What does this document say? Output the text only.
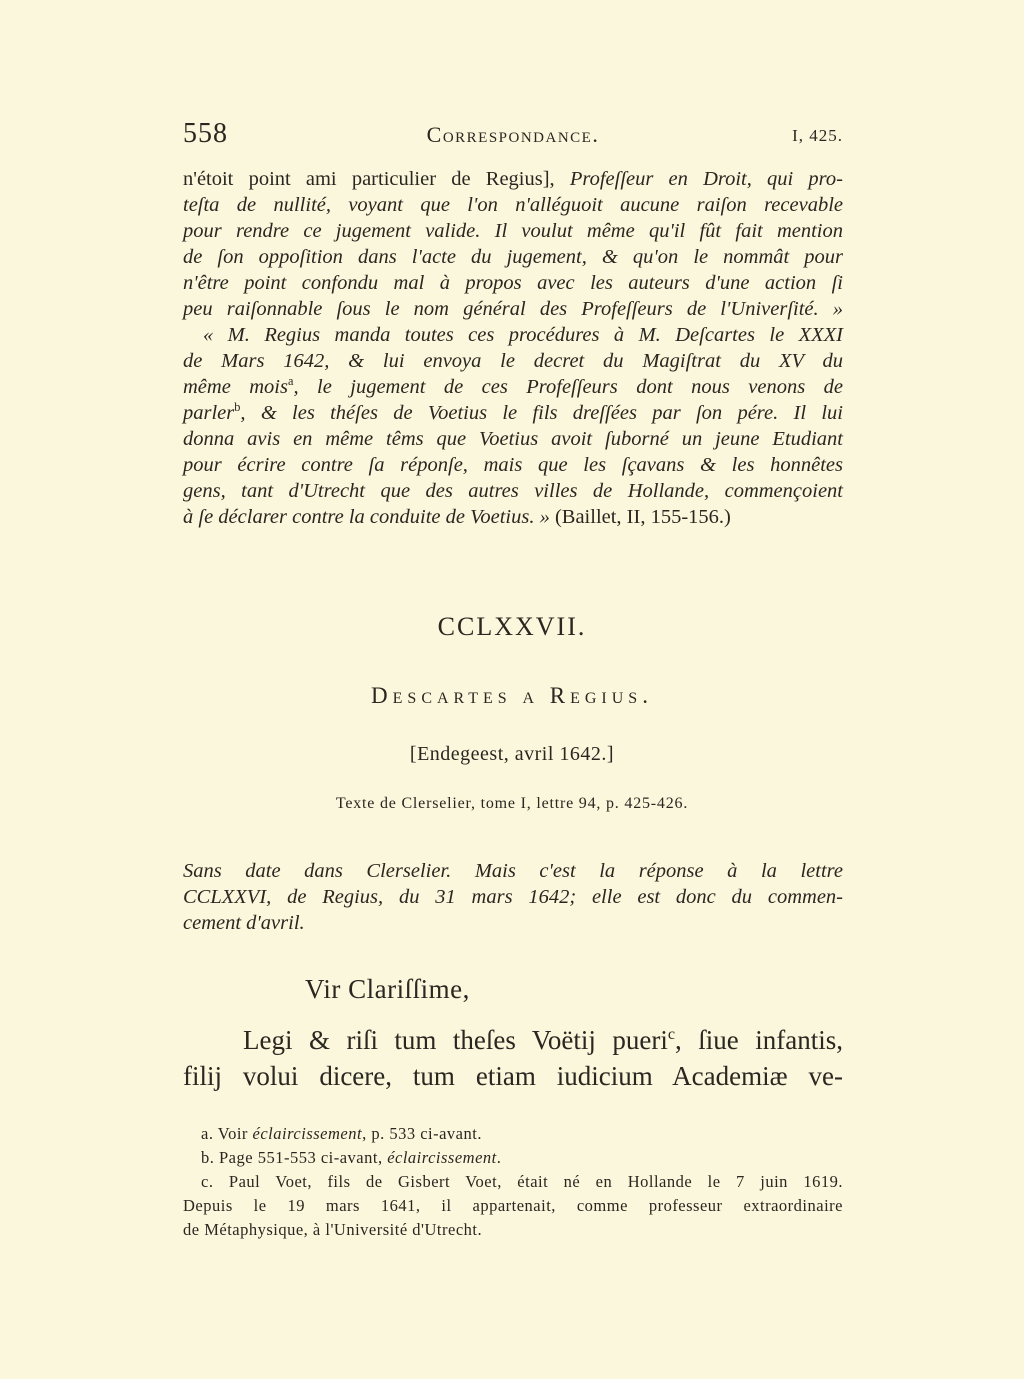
558	Correspondance.	I, 425.
n'étoit point ami particulier de Regius], Profeſſeur en Droit, qui pro-
teſta de nullité, voyant que l'on n'alléguoit aucune raiſon recevable
pour rendre ce jugement valide. Il voulut même qu'il fût fait mention
de ſon oppoſition dans l'acte du jugement, & qu'on le nommât pour
n'être point confondu mal à propos avec les auteurs d'une action ſi
peu raiſonnable ſous le nom général des Profeſſeurs de l'Univerſité. »
« M. Regius manda toutes ces procédures à M. Deſcartes le XXXI
de Mars 1642, & lui envoya le decret du Magiſtrat du XV du
même mois$^a$, le jugement de ces Profeſſeurs dont nous venons de
parler$^b$, & les théſes de Voetius le fils dreſſées par ſon pére. Il lui
donna avis en même têms que Voetius avoit ſuborné un jeune Etudiant
pour écrire contre ſa réponſe, mais que les ſçavans & les honnêtes
gens, tant d'Utrecht que des autres villes de Hollande, commençoient
à ſe déclarer contre la conduite de Voetius. » (Baillet, II, 155-156.)
CCLXXVII.
Descartes a Regius.
[Endegeest, avril 1642.]
Texte de Clerselier, tome I, lettre 94, p. 425-426.
Sans date dans Clerselier. Mais c'est la réponse à la lettre
CCLXXVI, de Regius, du 31 mars 1642; elle est donc du commen-
cement d'avril.
Vir Clariſſime,
Legi & riſi tum theſes Voëtij pueri$^c$, ſiue infantis,
filij volui dicere, tum etiam iudicium Academiæ ve-
a. Voir éclaircissement, p. 533 ci-avant.
b. Page 551-553 ci-avant, éclaircissement.
c. Paul Voet, fils de Gisbert Voet, était né en Hollande le 7 juin 1619.
Depuis le 19 mars 1641, il appartenait, comme professeur extraordinaire
de Métaphysique, à l'Université d'Utrecht.
